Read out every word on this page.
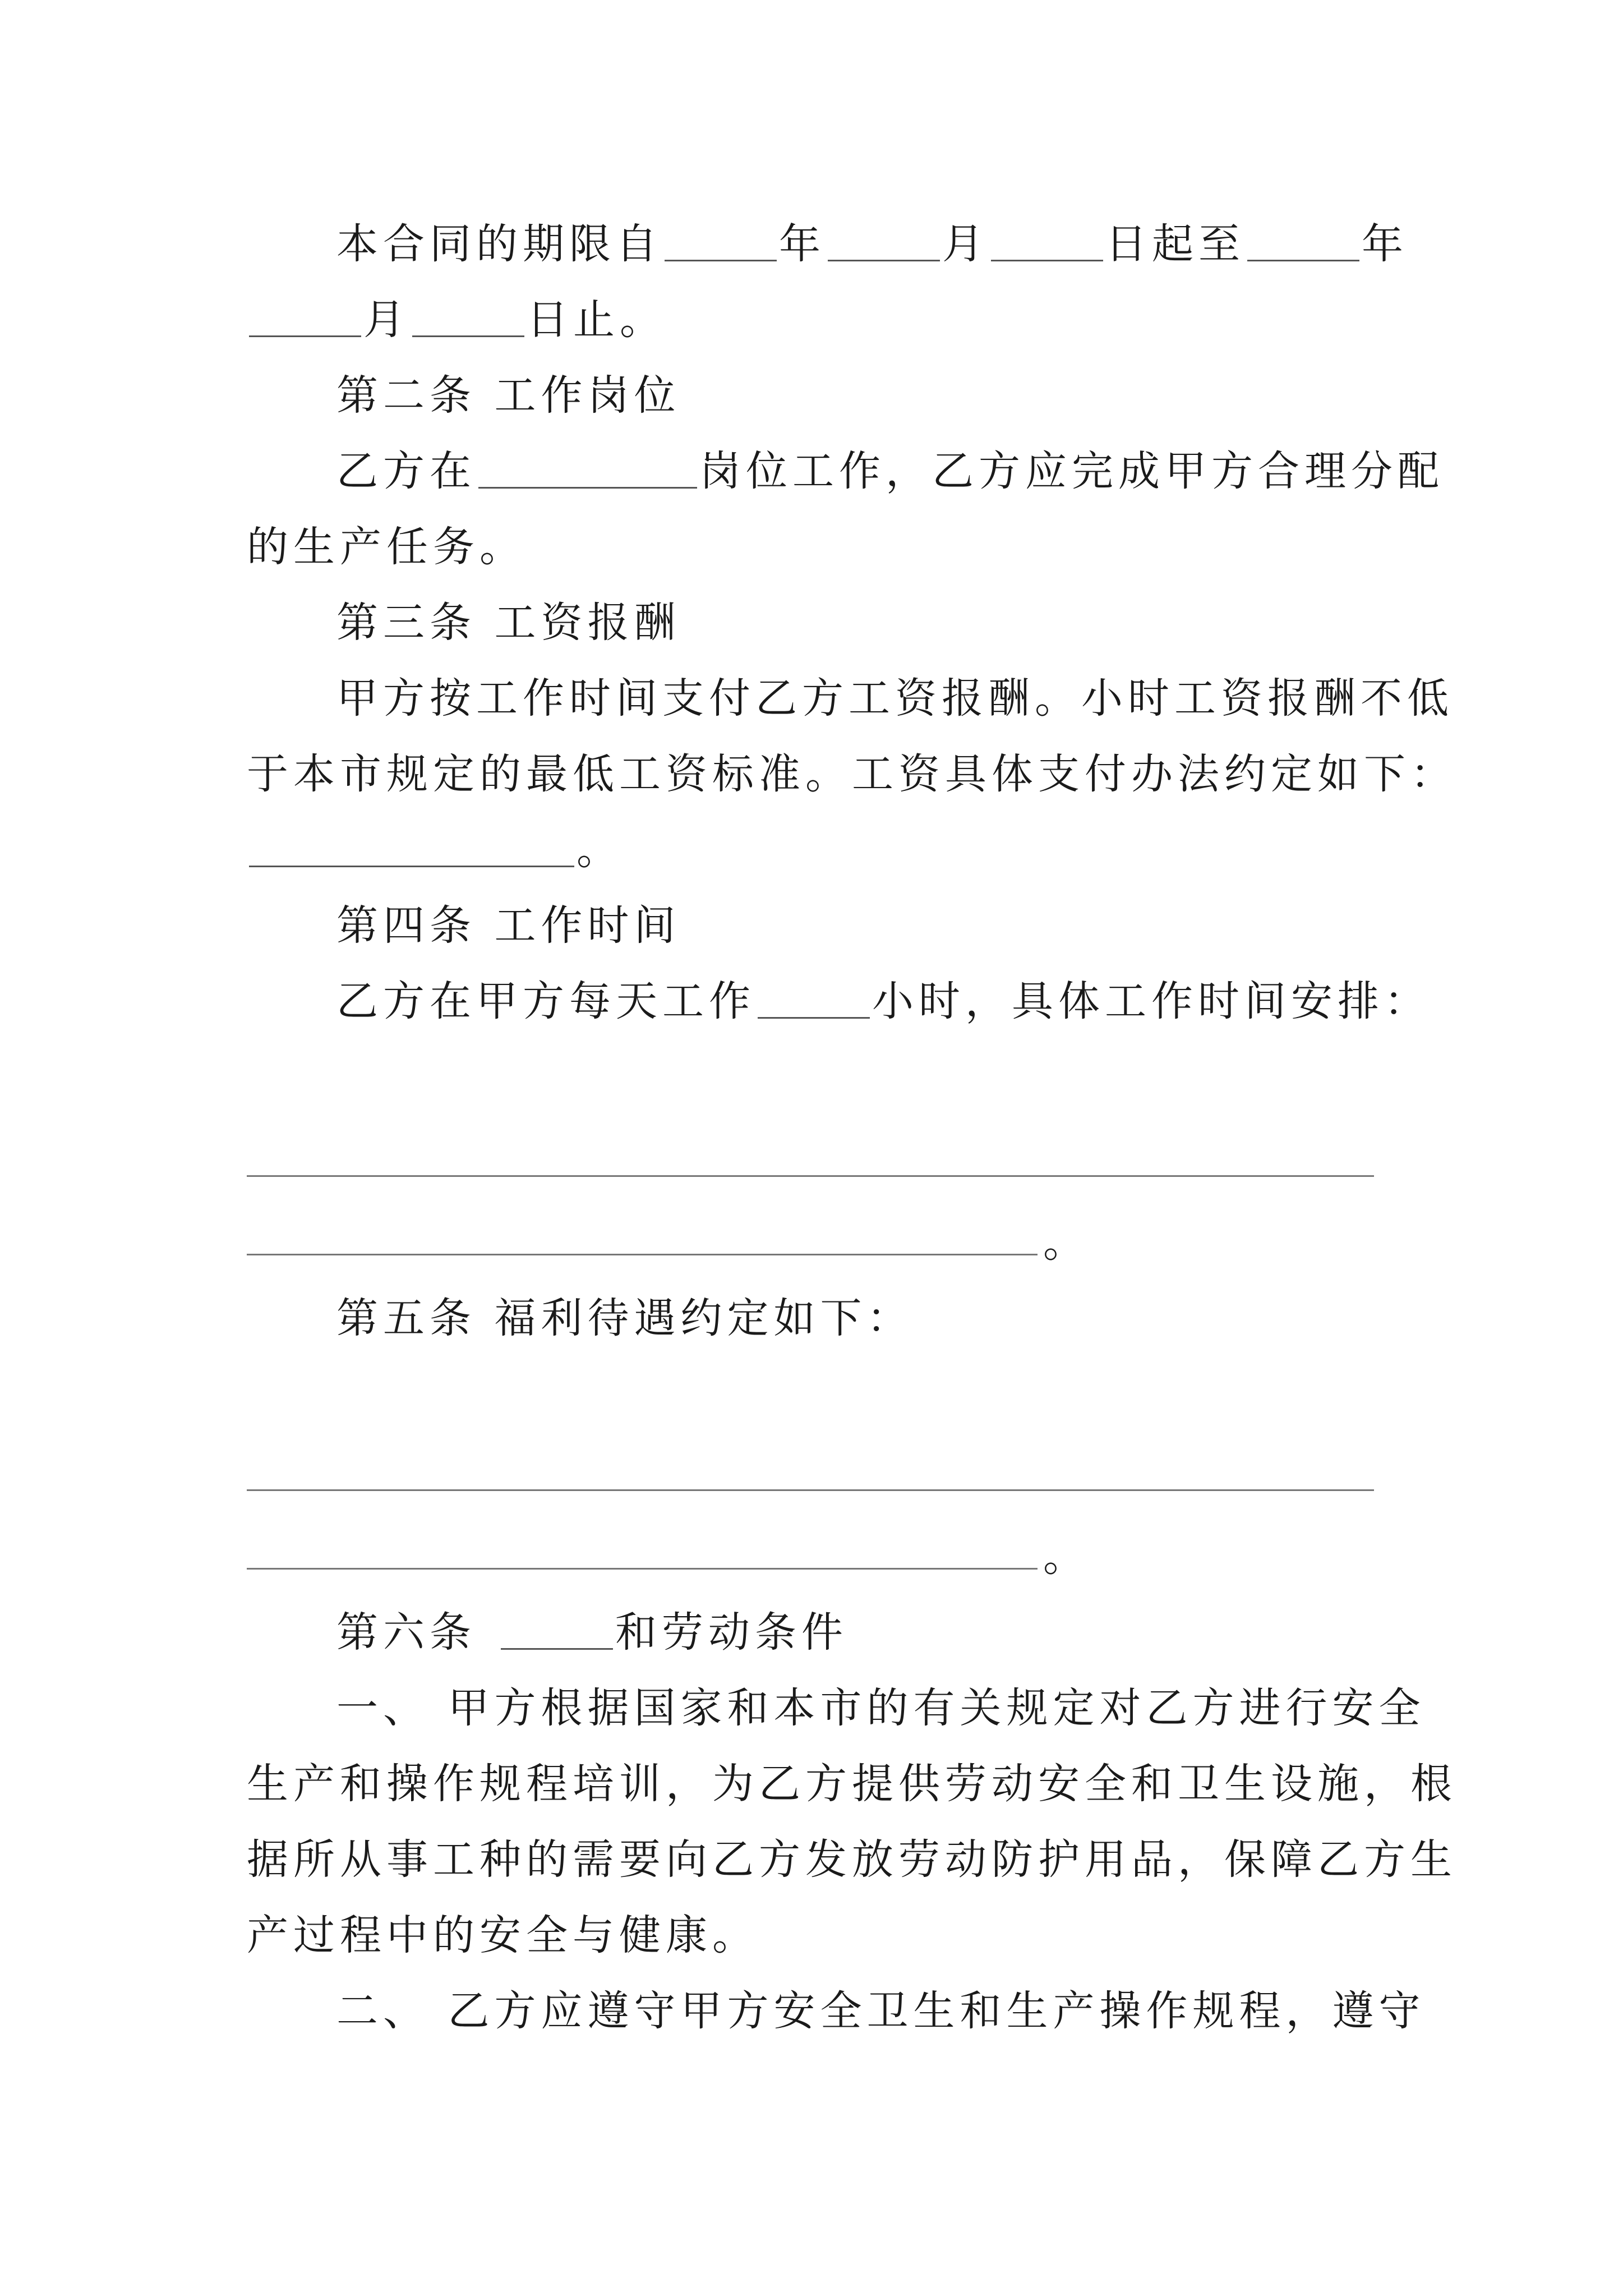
本合同的期限自	年	月	日起至	年
月	日止。
第二条 工作岗位
乙方在	岗位工作，乙方应完成甲方合理分配
的生产任务。
第三条 工资报酬
甲方按工作时间支付乙方工资报酬。小时工资报酬不低
于本市规定的最低工资标准。工资具体支付办法约定如下：
。
第四条 工作时间
乙方在甲方每天工作	小时，具体工作时间安排：
。
第五条 福利待遇约定如下：
。
第六条	和劳动条件
一、 甲方根据国家和本市的有关规定对乙方进行安全
生产和操作规程培训，为乙方提供劳动安全和卫生设施，根
据所从事工种的需要向乙方发放劳动防护用品，保障乙方生
产过程中的安全与健康。
二、 乙方应遵守甲方安全卫生和生产操作规程，遵守
